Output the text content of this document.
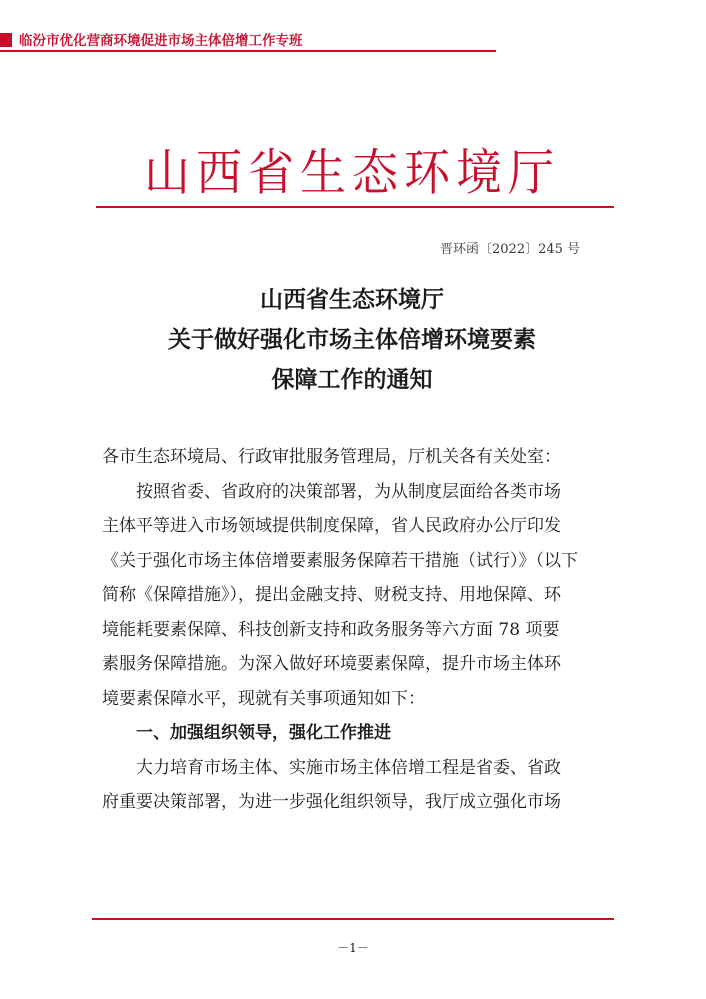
临汾市优化营商环境促进市场主体倍增工作专班
山西省生态环境厅
晋环函〔2022〕245 号
山西省生态环境厅
关于做好强化市场主体倍增环境要素
保障工作的通知
各市生态环境局、行政审批服务管理局，厅机关各有关处室：
按照省委、省政府的决策部署，为从制度层面给各类市场
主体平等进入市场领域提供制度保障，省人民政府办公厅印发
《关于强化市场主体倍增要素服务保障若干措施（试行）》（以下
简称《保障措施》），提出金融支持、财税支持、用地保障、环
境能耗要素保障、科技创新支持和政务服务等六方面 78 项要
素服务保障措施。为深入做好环境要素保障，提升市场主体环
境要素保障水平，现就有关事项通知如下：
一、加强组织领导，强化工作推进
大力培育市场主体、实施市场主体倍增工程是省委、省政
府重要决策部署，为进一步强化组织领导，我厅成立强化市场
－1－
